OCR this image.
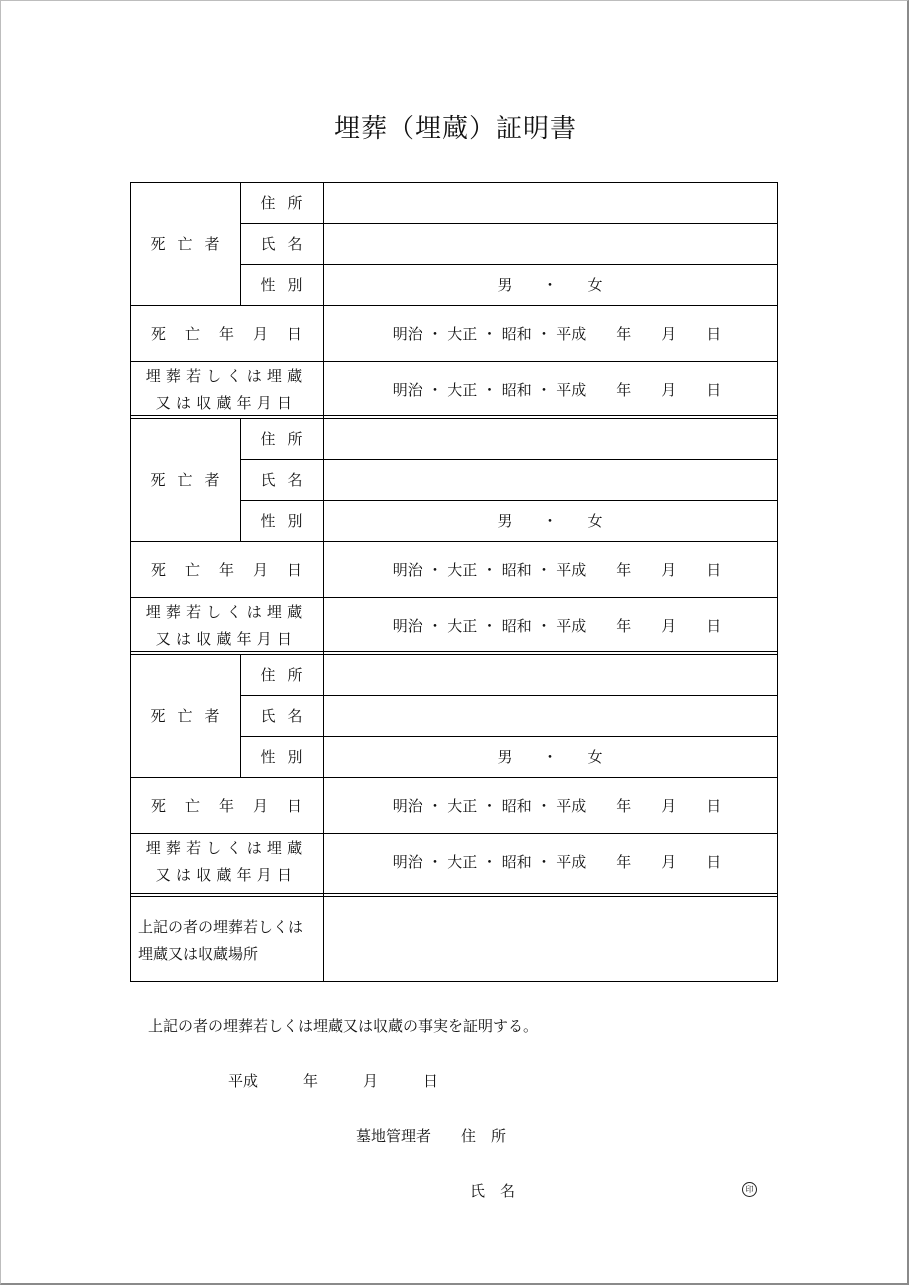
埋葬（埋蔵）証明書
死亡者
住所
氏名
性別	男　　・　　女
死亡年月日	明治 ・ 大正 ・ 昭和 ・ 平成　　年　　月　　日
埋葬若しくは埋蔵
又は収蔵年月日
明治 ・ 大正 ・ 昭和 ・ 平成　　年　　月　　日
死亡者
住所
氏名
性別	男　　・　　女
死亡年月日	明治 ・ 大正 ・ 昭和 ・ 平成　　年　　月　　日
埋葬若しくは埋蔵
又は収蔵年月日
明治 ・ 大正 ・ 昭和 ・ 平成　　年　　月　　日
死亡者
住所
氏名
性別	男　　・　　女
死亡年月日	明治 ・ 大正 ・ 昭和 ・ 平成　　年　　月　　日
埋葬若しくは埋蔵
又は収蔵年月日
明治 ・ 大正 ・ 昭和 ・ 平成　　年　　月　　日
上記の者の埋葬若しくは
埋蔵又は収蔵場所
上記の者の埋葬若しくは埋蔵又は収蔵の事実を証明する。
平成　　　年　　　月　　　日
墓地管理者　　住　所
氏　名	印
